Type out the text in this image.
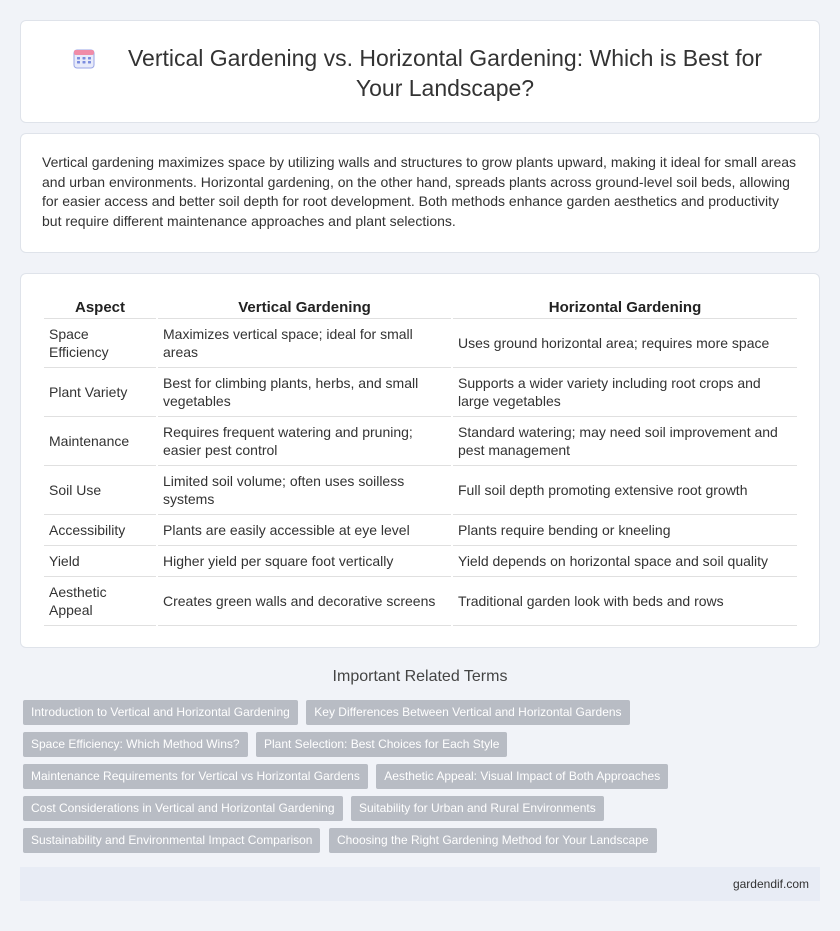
Vertical Gardening vs. Horizontal Gardening: Which is Best for Your Landscape?

Vertical gardening maximizes space by utilizing walls and structures to grow plants upward, making it ideal for small areas and urban environments. Horizontal gardening, on the other hand, spreads plants across ground-level soil beds, allowing for easier access and better soil depth for root development. Both methods enhance garden aesthetics and productivity but require different maintenance approaches and plant selections.

Aspect	Vertical Gardening	Horizontal Gardening
Space Efficiency	Maximizes vertical space; ideal for small areas	Uses ground horizontal area; requires more space
Plant Variety	Best for climbing plants, herbs, and small vegetables	Supports a wider variety including root crops and large vegetables
Maintenance	Requires frequent watering and pruning; easier pest control	Standard watering; may need soil improvement and pest management
Soil Use	Limited soil volume; often uses soilless systems	Full soil depth promoting extensive root growth
Accessibility	Plants are easily accessible at eye level	Plants require bending or kneeling
Yield	Higher yield per square foot vertically	Yield depends on horizontal space and soil quality
Aesthetic Appeal	Creates green walls and decorative screens	Traditional garden look with beds and rows
Important Related Terms
Introduction to Vertical and Horizontal Gardening Key Differences Between Vertical and Horizontal Gardens
Space Efficiency: Which Method Wins? Plant Selection: Best Choices for Each Style
Maintenance Requirements for Vertical vs Horizontal Gardens Aesthetic Appeal: Visual Impact of Both Approaches
Cost Considerations in Vertical and Horizontal Gardening Suitability for Urban and Rural Environments
Sustainability and Environmental Impact Comparison Choosing the Right Gardening Method for Your Landscape
gardendif.com
